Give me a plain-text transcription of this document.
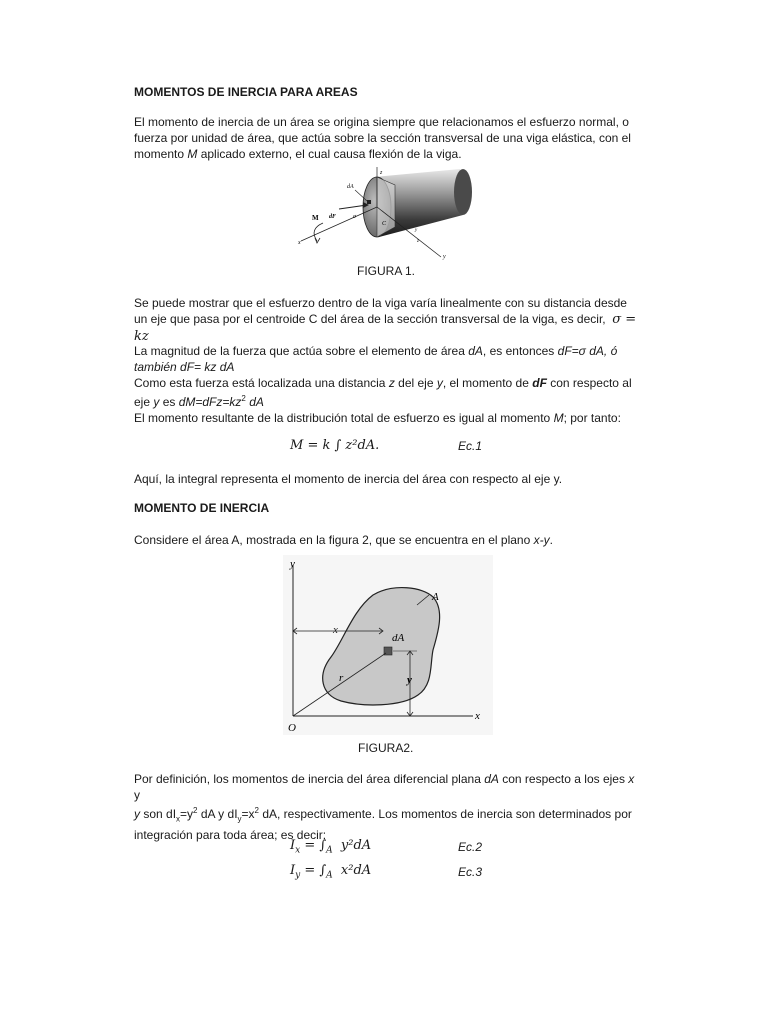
MOMENTOS DE INERCIA PARA AREAS
El momento de inercia de un área se origina siempre que relacionamos el esfuerzo normal, o fuerza por unidad de área, que actúa sobre la sección transversal de una viga elástica, con el momento M aplicado externo, el cual causa flexión de la viga.
z
x
y
y
z
C
M dF	σ
dA
FIGURA 1.
Se puede mostrar que el esfuerzo dentro de la viga varía linealmente con su distancia desde un eje que pasa por el centroide C del área de la sección transversal de la viga, es decir, σ = kz
La magnitud de la fuerza que actúa sobre el elemento de área dA, es entonces dF=σ dA, ó
también dF= kz dA
Como esta fuerza está localizada una distancia z del eje y, el momento de dF con respecto al
eje y es $dM=dFz=kz^2$ dA
El momento resultante de la distribución total de esfuerzo es igual al momento M; por tanto:
M = k ∫ z²dA.	Ec.1
Aquí, la integral representa el momento de inercia del área con respecto al eje y.
MOMENTO DE INERCIA
Considere el área A, mostrada en la figura 2, que se encuentra en el plano x-y.
y
x
O
A
dA
x
y
r
FIGURA2.
Por definición, los momentos de inercia del área diferencial plana dA con respecto a los ejes x y
y son $dI_x=y^2$ dA y $dI_y=x^2$ dA, respectivamente. Los momentos de inercia son determinados por
integración para toda área; es decir:
$I_x = \int_A$  y²dA	Ec.2
$I_y = \int_A$  x²dA	Ec.3
